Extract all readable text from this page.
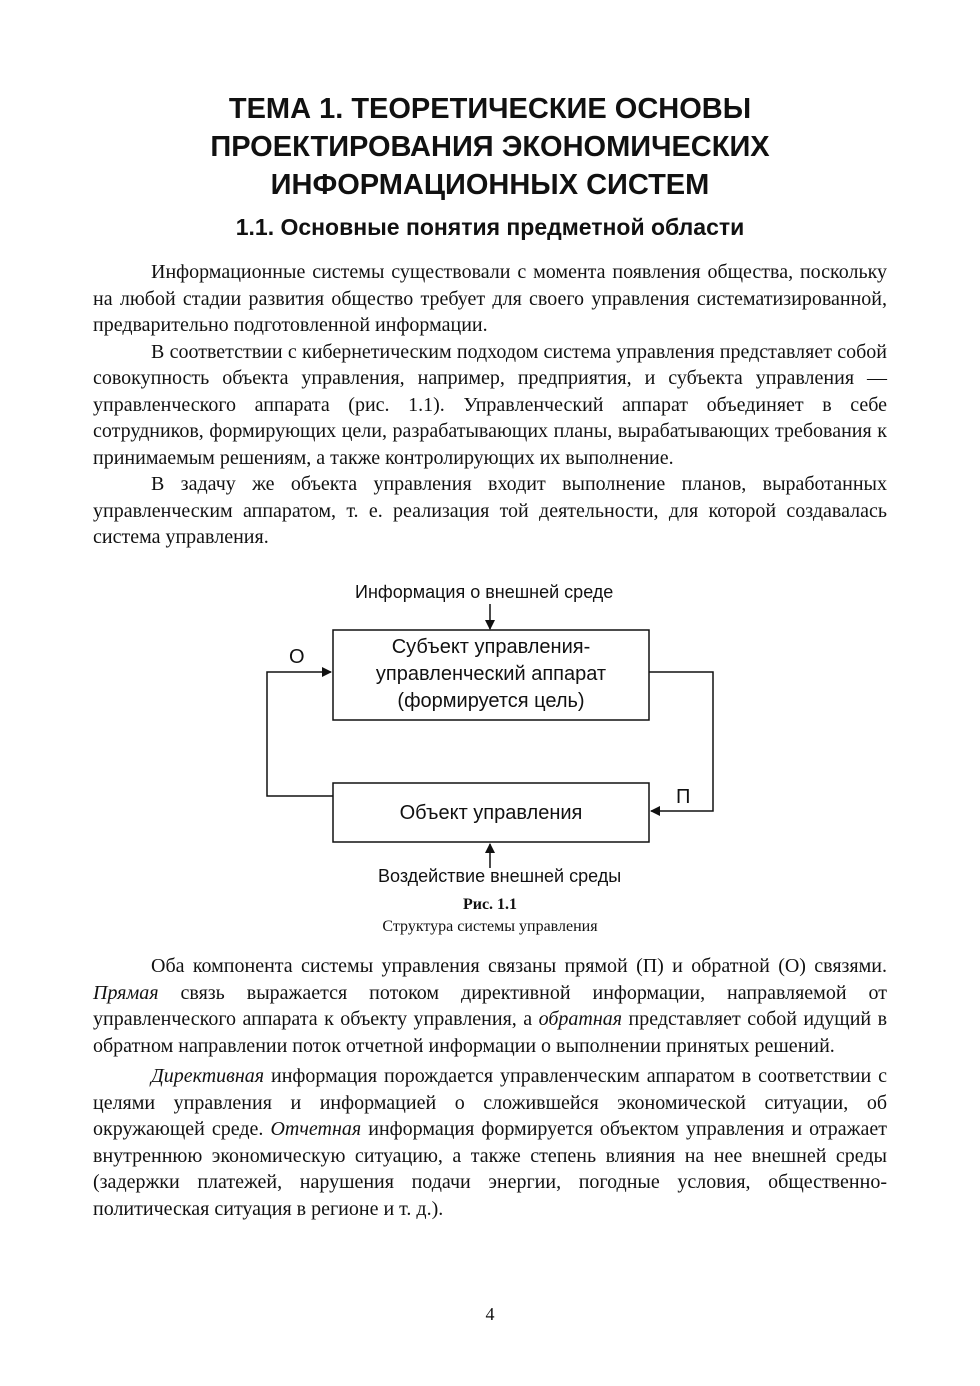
ТЕМА 1. ТЕОРЕТИЧЕСКИЕ ОСНОВЫ
ПРОЕКТИРОВАНИЯ ЭКОНОМИЧЕСКИХ
ИНФОРМАЦИОННЫХ СИСТЕМ
1.1. Основные понятия предметной области

Информационные системы существовали с момента появления общества, поскольку на любой стадии развития общество требует для своего управления систематизированной, предварительно подготовленной информации.

В соответствии с кибернетическим подходом система управления представляет собой совокупность объекта управления, например, предприятия, и субъекта управления — управленческого аппарата (рис. 1.1). Управленческий аппарат объединяет в себе сотрудников, формирующих цели, разрабатывающих планы, вырабатывающих требования к принимаемым решениям, а также контролирующих их выполнение.

В задачу же объекта управления входит выполнение планов, выработанных управленческим аппаратом, т. е. реализация той деятельности, для которой создавалась система управления.

Информация о внешней среде
О
П
Субъект управления-
управленческий аппарат
(формируется цель)
Объект управления
Воздействие внешней среды
Рис. 1.1
Структура системы управления

Оба компонента системы управления связаны прямой (П) и обратной (О) связями. Прямая связь выражается потоком директивной информации, направляемой от управленческого аппарата к объекту управления, а обратная представляет собой идущий в обратном направлении поток отчетной информации о выполнении принятых решений.

Директивная информация порождается управленческим аппаратом в соответствии с целями управления и информацией о сложившейся экономической ситуации, об окружающей среде. Отчетная информация формируется объектом управления и отражает внутреннюю экономическую ситуацию, а также степень влияния на нее внешней среды (задержки платежей, нарушения подачи энергии, погодные условия, общественно-политическая ситуация в регионе и т. д.).

4
